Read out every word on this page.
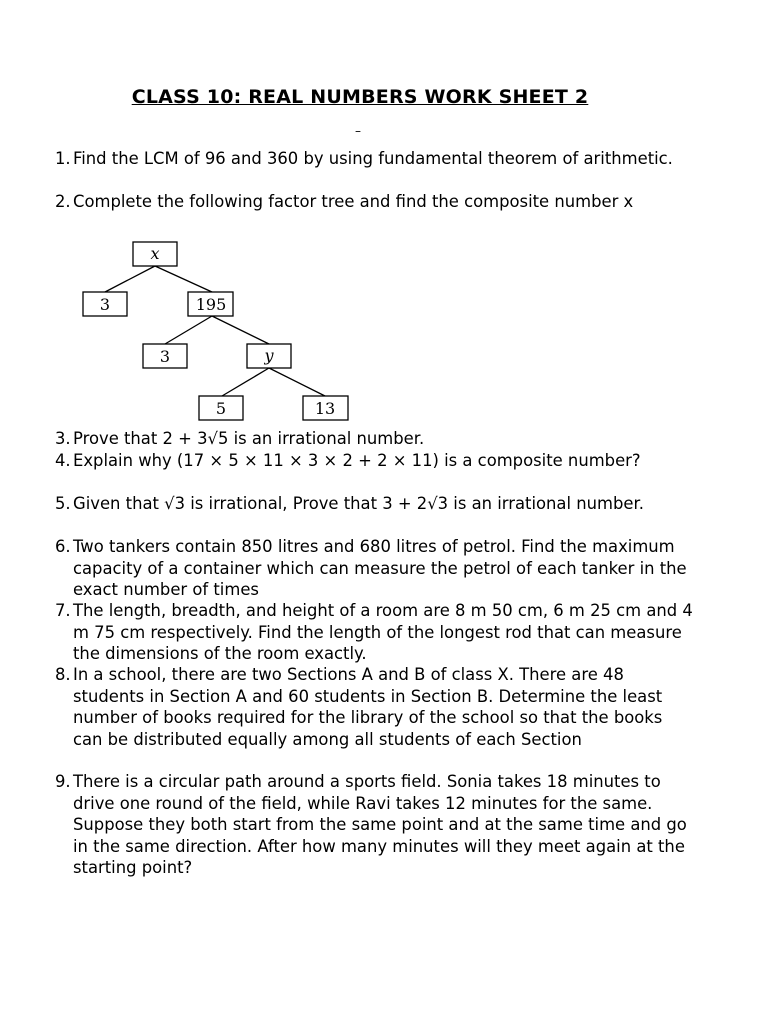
CLASS 10: REAL NUMBERS WORK SHEET 2
–
1. Find the LCM of 96 and 360 by using fundamental theorem of arithmetic.
2. Complete the following factor tree and find the composite number x
x
3	195
3	y
5	13
3. Prove that 2 + 3√5 is an irrational number.
4. Explain why (17 × 5 × 11 × 3 × 2 + 2 × 11) is a composite number?
5. Given that √3 is irrational, Prove that 3 + 2√3 is an irrational number.
6. Two tankers contain 850 litres and 680 litres of petrol. Find the maximum capacity of a container which can measure the petrol of each tanker in the exact number of times
7. The length, breadth, and height of a room are 8 m 50 cm, 6 m 25 cm and 4 m 75 cm respectively. Find the length of the longest rod that can measure the dimensions of the room exactly.
8. In a school, there are two Sections A and B of class X. There are 48 students in Section A and 60 students in Section B. Determine the least number of books required for the library of the school so that the books can be distributed equally among all students of each Section
9. There is a circular path around a sports field. Sonia takes 18 minutes to drive one round of the field, while Ravi takes 12 minutes for the same. Suppose they both start from the same point and at the same time and go in the same direction. After how many minutes will they meet again at the starting point?
